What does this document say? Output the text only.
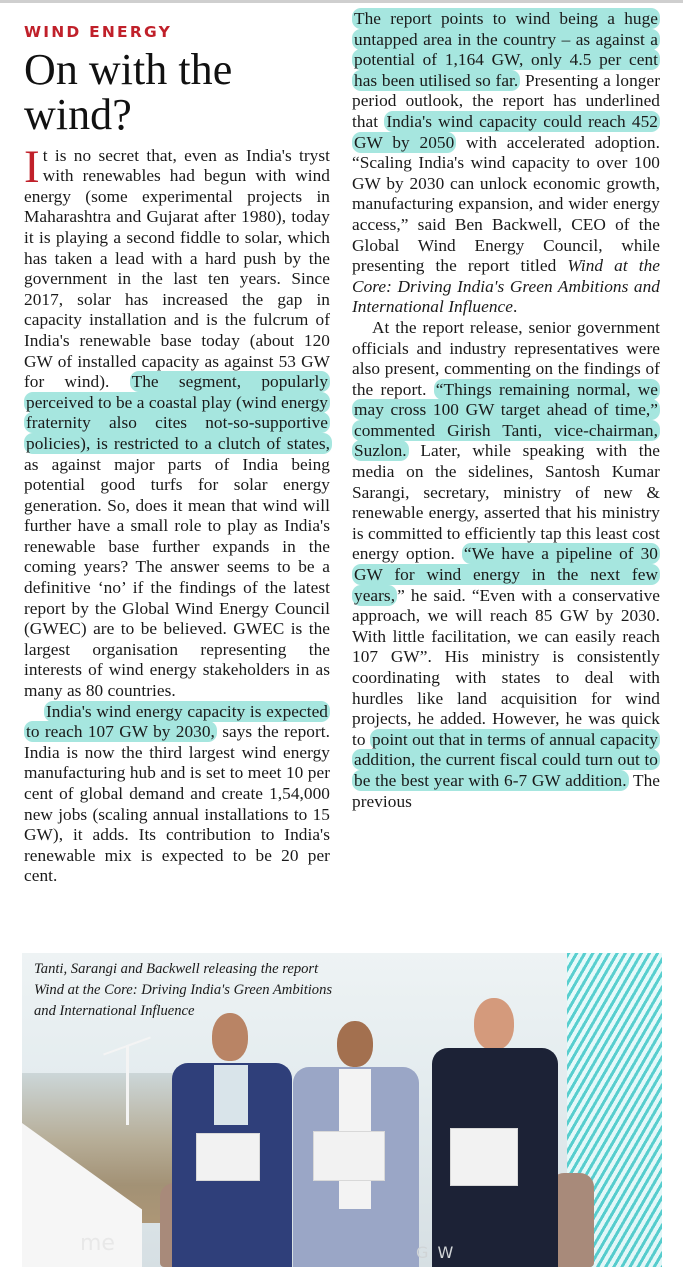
WIND ENERGY
On with the
wind?

It is no secret that, even as India's tryst with renewables had begun with wind energy (some experimental projects in Maharashtra and Gujarat after 1980), today it is playing a second fiddle to solar, which has taken a lead with a hard push by the government in the last ten years. Since 2017, solar has increased the gap in capacity installation and is the fulcrum of India's renewable base today (about 120 GW of installed capacity as against 53 GW for wind). The segment, popularly perceived to be a coastal play (wind energy fraternity also cites not-so-supportive policies), is restricted to a clutch of states, as against major parts of India being potential good turfs for solar energy generation. So, does it mean that wind will further have a small role to play as India's renewable base further expands in the coming years? The answer seems to be a definitive ‘no’ if the findings of the latest report by the Global Wind Energy Council (GWEC) are to be believed. GWEC is the largest organisation representing the interests of wind energy stakeholders in as many as 80 countries.

India's wind energy capacity is expected to reach 107 GW by 2030, says the report. India is now the third largest wind energy manufacturing hub and is set to meet 10 per cent of global demand and create 1,54,000 new jobs (scaling annual installations to 15 GW), it adds. Its contribution to India's renewable mix is expected to be 20 per cent.

The report points to wind being a huge untapped area in the country – as against a potential of 1,164 GW, only 4.5 per cent has been utilised so far. Presenting a longer period outlook, the report has underlined that India's wind capacity could reach 452 GW by 2050 with accelerated adoption. “Scaling India's wind capacity to over 100 GW by 2030 can unlock economic growth, manufacturing expansion, and wider energy access,” said Ben Backwell, CEO of the Global Wind Energy Council, while presenting the report titled Wind at the Core: Driving India's Green Ambitions and International Influence.

At the report release, senior government officials and industry representatives were also present, commenting on the findings of the report. “Things remaining normal, we may cross 100 GW target ahead of time,” commented Girish Tanti, vice-chairman, Suzlon. Later, while speaking with the media on the sidelines, Santosh Kumar Sarangi, secretary, ministry of new & renewable energy, asserted that his ministry is committed to efficiently tap this least cost energy option. “We have a pipeline of 30 GW for wind energy in the next few years, ” he said. “Even with a conservative approach, we will reach 85 GW by 2030. With little facilitation, we can easily reach 107 GW”. His ministry is consistently coordinating with states to deal with hurdles like land acquisition for wind projects, he added. However, he was quick to point out that in terms of annual capacity addition, the current fiscal could turn out to be the best year with 6-7 GW addition. The previous

me	G W
Tanti, Sarangi and Backwell releasing the report Wind at the Core: Driving India's Green Ambitions and International Influence
